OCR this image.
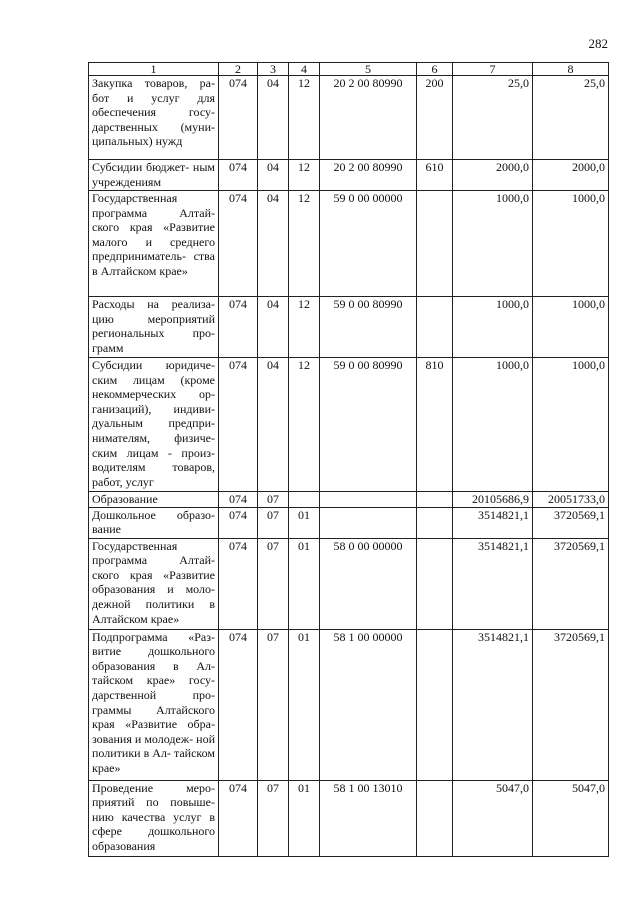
282
1	2	3	4	5	6	7	8
Закупка товаров, ра- бот и услуг для обеспечения госу- дарственных (муни- ципальных) нужд	074	04	12	20 2 00 80990	200	25,0	25,0
Субсидии бюджет- ным учреждениям	074	04	12	20 2 00 80990	610	2000,0	2000,0
Государственная программа Алтай- ского края «Развитие малого и среднего предприниматель- ства в Алтайском крае»	074	04	12	59 0 00 00000		1000,0	1000,0
Расходы на реализа- цию мероприятий региональных про- грамм	074	04	12	59 0 00 80990		1000,0	1000,0
Субсидии юридиче- ским лицам (кроме некоммерческих ор- ганизаций), индиви- дуальным предпри- нимателям, физиче- ским лицам - произ- водителям товаров, работ, услуг	074	04	12	59 0 00 80990	810	1000,0	1000,0
Образование	074	07				20105686,9	20051733,0
Дошкольное образо- вание	074	07	01			3514821,1	3720569,1
Государственная программа Алтай- ского края «Развитие образования и моло- дежной политики в Алтайском крае»	074	07	01	58 0 00 00000		3514821,1	3720569,1
Подпрограмма «Раз- витие дошкольного образования в Ал- тайском крае» госу- дарственной про- граммы Алтайского края «Развитие обра- зования и молодеж- ной политики в Ал- тайском крае»	074	07	01	58 1 00 00000		3514821,1	3720569,1
Проведение меро- приятий по повыше- нию качества услуг в сфере дошкольного образования	074	07	01	58 1 00 13010		5047,0	5047,0
